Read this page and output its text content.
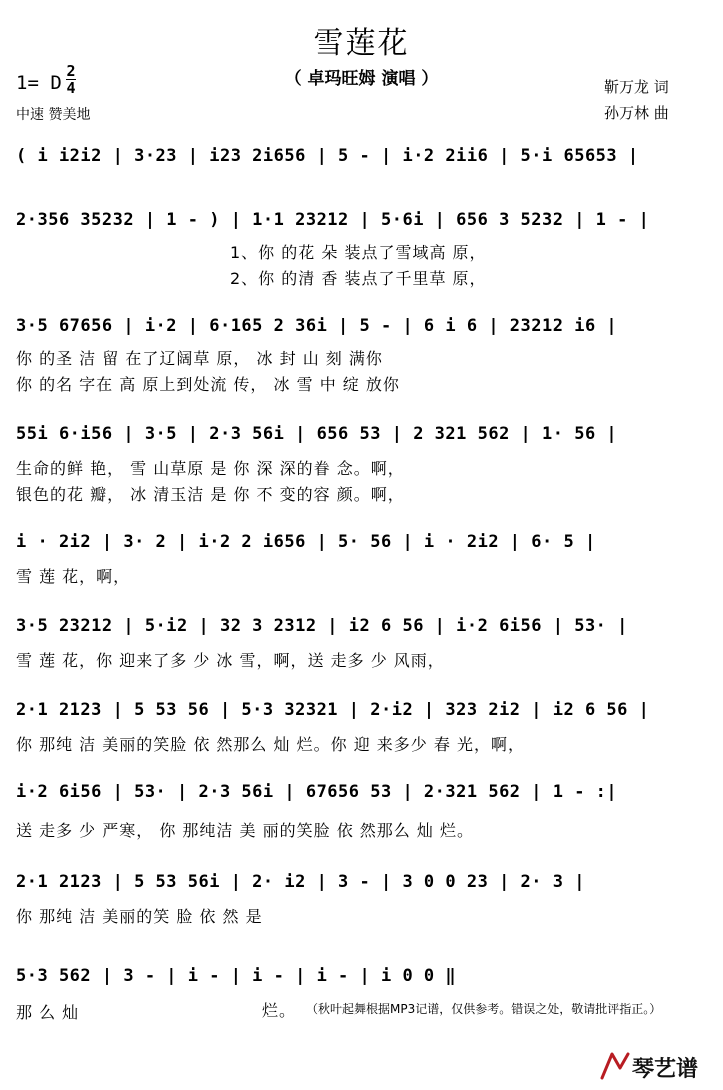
雪莲花
（ 卓玛旺姆 演唱 ）
1= D
2
4
中速 赞美地
靳万龙 词
孙万林 曲
( i i2i2 | 3·23 | i23 2i656 | 5 - | i·2 2ii6 | 5·i 65653 |
2·356 35232 | 1 - ) | 1·1 23212 | 5·6i | 656 3 5232 | 1 - |
1、你 的花 朵 装点了雪域高 原，
2、你 的清 香 装点了千里草 原，
3·5 67656 | i·2 | 6·165 2 36i | 5 - | 6 i 6 | 23212 i6 |
你 的圣 洁 留 在了辽阔草 原， 冰 封 山 刻 满你
你 的名 字在 高 原上到处流 传， 冰 雪 中 绽 放你
55i 6·i56 | 3·5 | 2·3 56i | 656 53 | 2 321 562 | 1· 56 |
生命的鲜 艳， 雪 山草原 是 你 深 深的眷 念。啊，
银色的花 瓣， 冰 清玉洁 是 你 不 变的容 颜。啊，
i · 2i2 | 3· 2 | i·2 2 i656 | 5· 56 | i · 2i2 | 6· 5 |
雪 莲 花，啊，
3·5 23212 | 5·i2 | 32 3 2312 | i2 6 56 | i·2 6i56 | 53· |
雪 莲 花，你 迎来了多 少 冰 雪，啊，送 走多 少 风雨，
2·1 2123 | 5 53 56 | 5·3 32321 | 2·i2 | 323 2i2 | i2 6 56 |
你 那纯 洁 美丽的笑脸 依 然那么 灿 烂。你 迎 来多少 春 光，啊，
i·2 6i56 | 53· | 2·3 56i | 67656 53 | 2·321 562 | 1 - :|
送 走多 少 严寒， 你 那纯洁 美 丽的笑脸 依 然那么 灿 烂。
2·1 2123 | 5 53 56i | 2· i2 | 3 - | 3 0 0 23 | 2· 3 |
你 那纯 洁 美丽的笑 脸 依 然 是
5·3 562 | 3 - | i - | i - | i - | i 0 0 ‖
那 么 灿	烂。 （秋叶起舞根据MP3记谱，仅供参考。错误之处，敬请批评指正。）
琴艺谱
